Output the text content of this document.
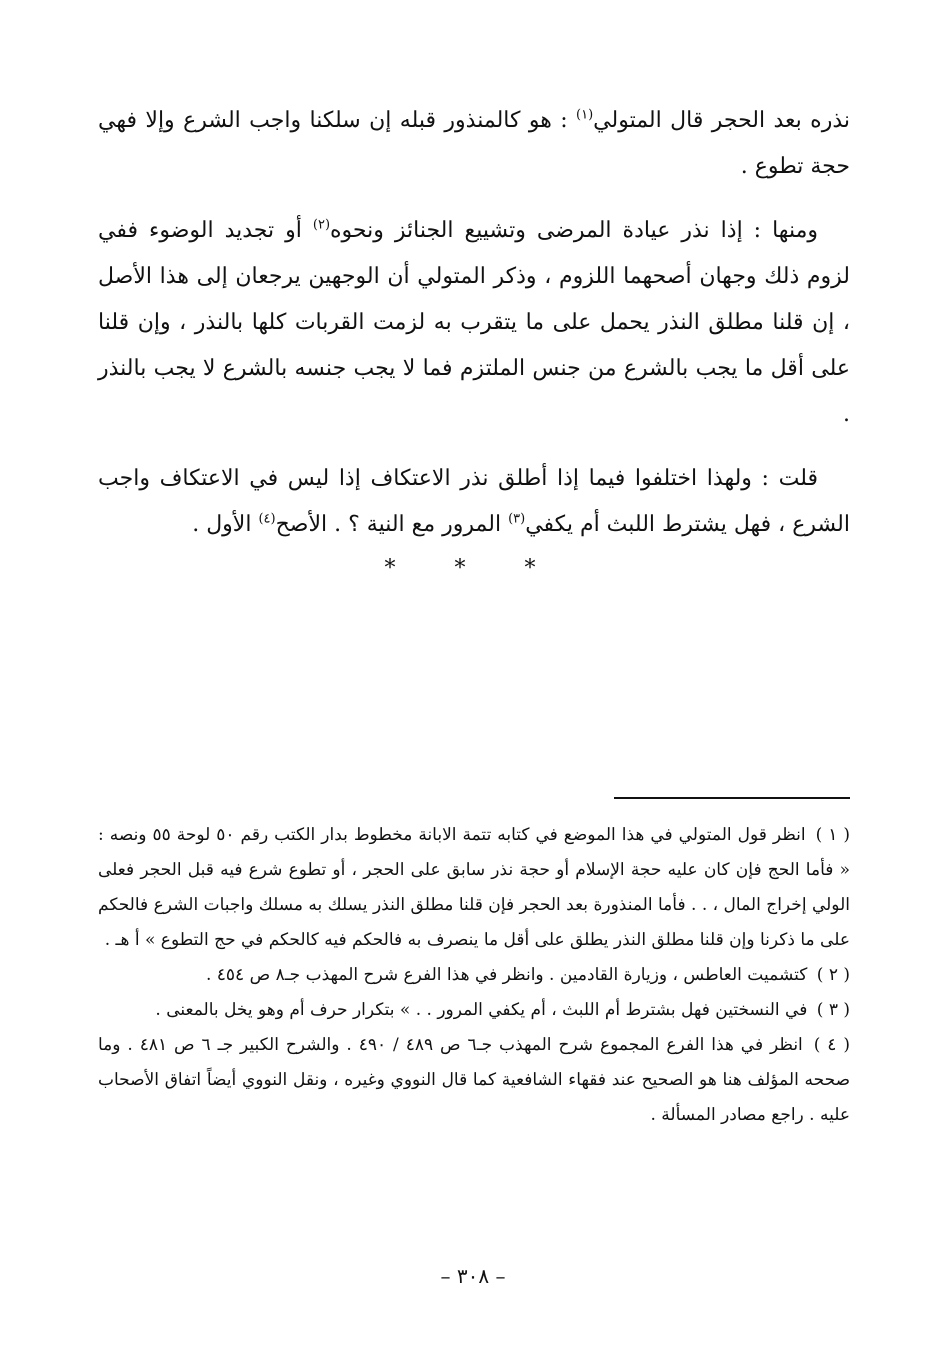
نذره بعد الحجر قال المتولي$^{(١)}$ : هو كالمنذور قبله إن سلكنا واجب الشرع وإلا فهي حجة تطوع .

ومنها : إذا نذر عيادة المرضى وتشييع الجنائز ونحوه$^{(٢)}$ أو تجديد الوضوء ففي لزوم ذلك وجهان أصحهما اللزوم ، وذكر المتولي أن الوجهين يرجعان إلى هذا الأصل ، إن قلنا مطلق النذر يحمل على ما يتقرب به لزمت القربات كلها بالنذر ، وإن قلنا على أقل ما يجب بالشرع من جنس الملتزم فما لا يجب جنسه بالشرع لا يجب بالنذر .

قلت : ولهذا اختلفوا فيما إذا أطلق نذر الاعتكاف إذا ليس في الاعتكاف واجب الشرع ، فهل يشترط اللبث أم يكفي$^{(٣)}$ المرور مع النية ؟ . الأصح$^{(٤)}$ الأول .

* * *

( ١ ) انظر قول المتولي في هذا الموضع في كتابه تتمة الابانة مخطوط بدار الكتب رقم ٥٠ لوحة ٥٥ ونصه : « فأما الحج فإن كان عليه حجة الإسلام أو حجة نذر سابق على الحجر ، أو تطوع شرع فيه قبل الحجر فعلى الولي إخراج المال ، . . فأما المنذورة بعد الحجر فإن قلنا مطلق النذر يسلك به مسلك واجبات الشرع فالحكم على ما ذكرنا وإن قلنا مطلق النذر يطلق على أقل ما ينصرف به فالحكم فيه كالحكم في حج التطوع » أ هـ .

( ٢ ) كتشميت العاطس ، وزيارة القادمين . وانظر في هذا الفرع شرح المهذب جـ٨ ص ٤٥٤ .

( ٣ ) في النسختين فهل بشترط أم اللبث ، أم يكفي المرور . . » بتكرار حرف أم وهو يخل بالمعنى .

( ٤ ) انظر في هذا الفرع المجموع شرح المهذب جـ٦ ص ٤٨٩ / ٤٩٠ . والشرح الكبير جـ ٦ ص ٤٨١ . وما صححه المؤلف هنا هو الصحيح عند فقهاء الشافعية كما قال النووي وغيره ، ونقل النووي أيضاً اتفاق الأصحاب عليه . راجع مصادر المسألة .

– ٣٠٨ –
